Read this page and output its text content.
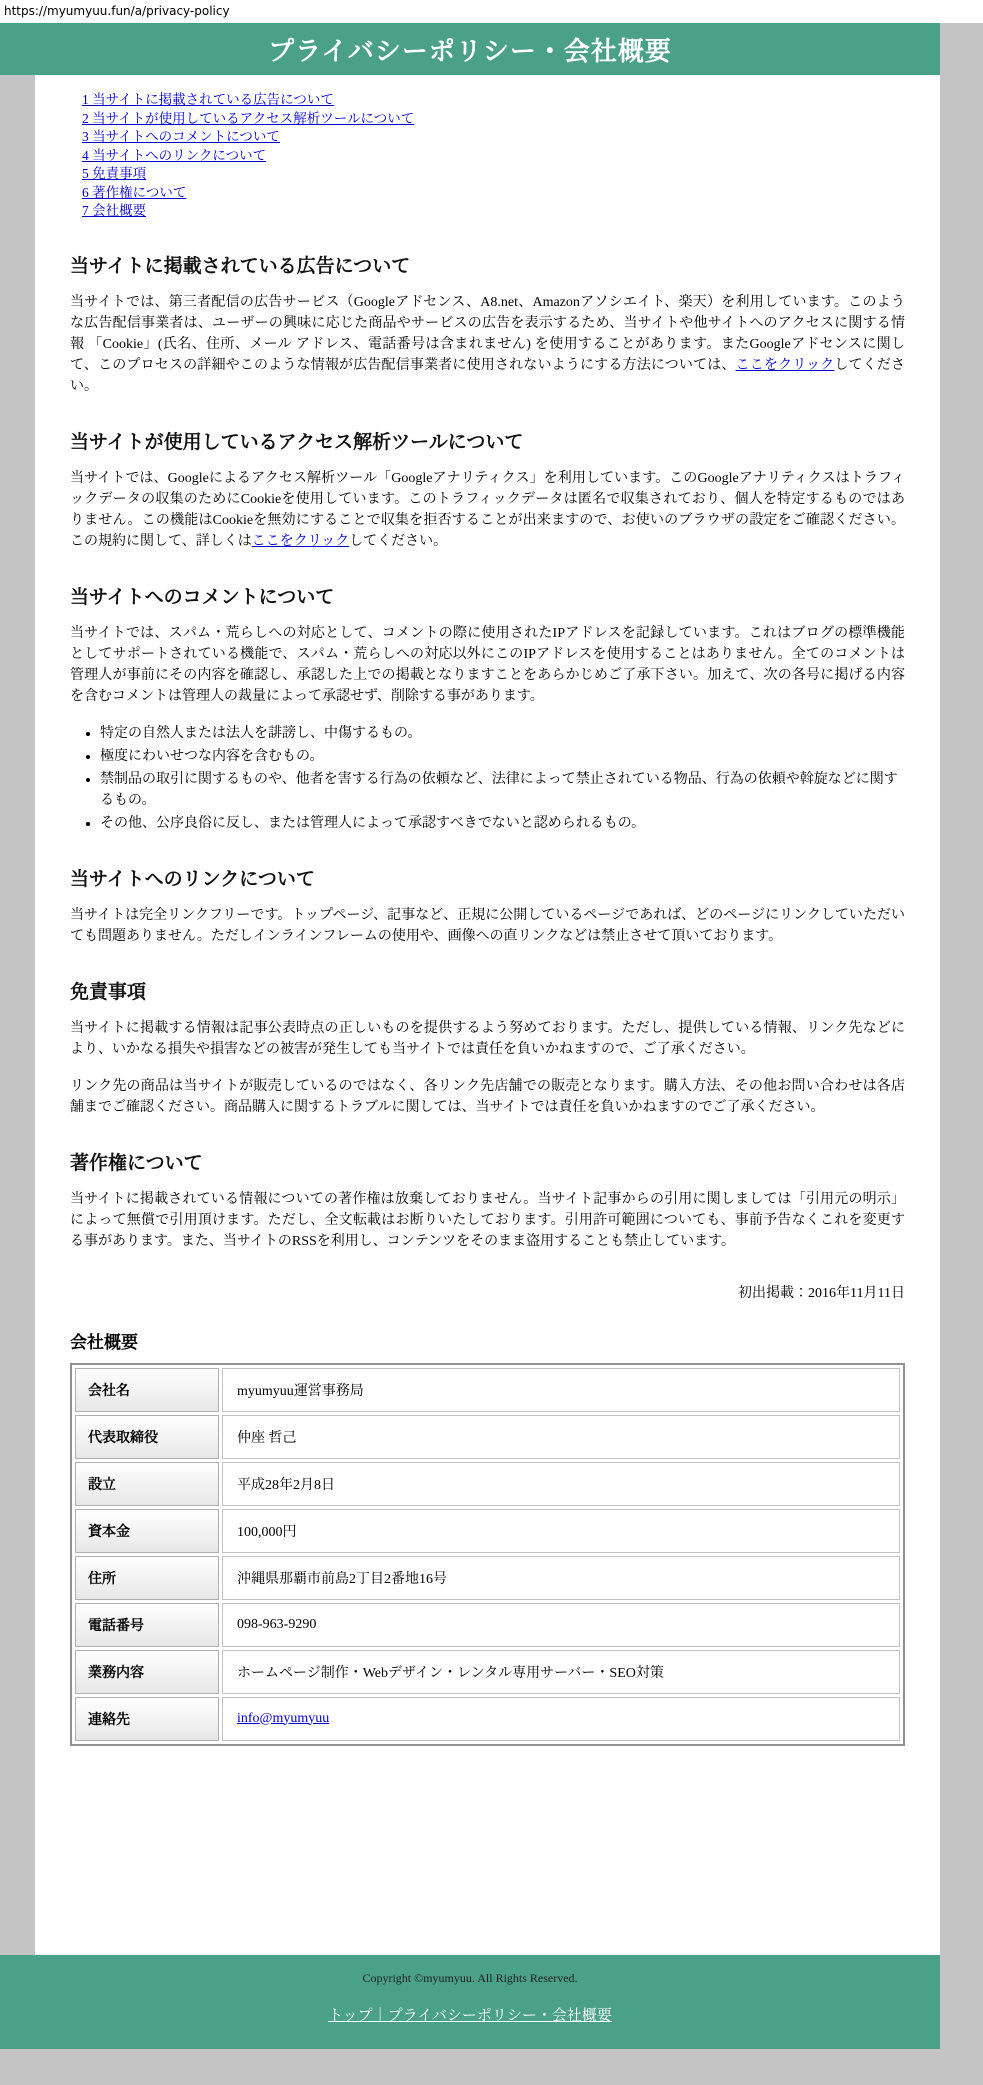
https://myumyuu.fun/a/privacy-policy
プライバシーポリシー・会社概要
1 当サイトに掲載されている広告について
2 当サイトが使用しているアクセス解析ツールについて
3 当サイトへのコメントについて
4 当サイトへのリンクについて
5 免責事項
6 著作権について
7 会社概要
当サイトに掲載されている広告について

当サイトでは、第三者配信の広告サービス（Googleアドセンス、A8.net、Amazonアソシエイト、楽天）を利用しています。このような広告配信事業者は、ユーザーの興味に応じた商品やサービスの広告を表示するため、当サイトや他サイトへのアクセスに関する情報 「Cookie」(氏名、住所、メール アドレス、電話番号は含まれません) を使用することがあります。またGoogleアドセンスに関して、このプロセスの詳細やこのような情報が広告配信事業者に使用されないようにする方法については、ここをクリックしてください。

当サイトが使用しているアクセス解析ツールについて

当サイトでは、Googleによるアクセス解析ツール「Googleアナリティクス」を利用しています。このGoogleアナリティクスはトラフィックデータの収集のためにCookieを使用しています。このトラフィックデータは匿名で収集されており、個人を特定するものではありません。この機能はCookieを無効にすることで収集を拒否することが出来ますので、お使いのブラウザの設定をご確認ください。この規約に関して、詳しくはここをクリックしてください。

当サイトへのコメントについて

当サイトでは、スパム・荒らしへの対応として、コメントの際に使用されたIPアドレスを記録しています。これはブログの標準機能としてサポートされている機能で、スパム・荒らしへの対応以外にこのIPアドレスを使用することはありません。全てのコメントは管理人が事前にその内容を確認し、承認した上での掲載となりますことをあらかじめご了承下さい。加えて、次の各号に掲げる内容を含むコメントは管理人の裁量によって承認せず、削除する事があります。

• 特定の自然人または法人を誹謗し、中傷するもの。
• 極度にわいせつな内容を含むもの。
• 禁制品の取引に関するものや、他者を害する行為の依頼など、法律によって禁止されている物品、行為の依頼や斡旋などに関するもの。
• その他、公序良俗に反し、または管理人によって承認すべきでないと認められるもの。
当サイトへのリンクについて

当サイトは完全リンクフリーです。トップページ、記事など、正規に公開しているページであれば、どのページにリンクしていただいても問題ありません。ただしインラインフレームの使用や、画像への直リンクなどは禁止させて頂いております。

免責事項

当サイトに掲載する情報は記事公表時点の正しいものを提供するよう努めております。ただし、提供している情報、リンク先などにより、いかなる損失や損害などの被害が発生しても当サイトでは責任を負いかねますので、ご了承ください。

リンク先の商品は当サイトが販売しているのではなく、各リンク先店舗での販売となります。購入方法、その他お問い合わせは各店舗までご確認ください。商品購入に関するトラブルに関しては、当サイトでは責任を負いかねますのでご了承ください。

著作権について

当サイトに掲載されている情報についての著作権は放棄しておりません。当サイト記事からの引用に関しましては「引用元の明示」によって無償で引用頂けます。ただし、全文転載はお断りいたしております。引用許可範囲についても、事前予告なくこれを変更する事があります。また、当サイトのRSSを利用し、コンテンツをそのまま盗用することも禁止しています。

初出掲載：2016年11月11日

会社概要
会社名	myumyuu運営事務局
代表取締役	仲座 哲己
設立	平成28年2月8日
資本金	100,000円
住所	沖縄県那覇市前島2丁目2番地16号
電話番号	098-963-9290
業務内容	ホームページ制作・Webデザイン・レンタル専用サーバー・SEO対策
連絡先	info@myumyuu

Copyright ©myumyuu. All Rights Reserved.

トップ｜プライバシーポリシー・会社概要
